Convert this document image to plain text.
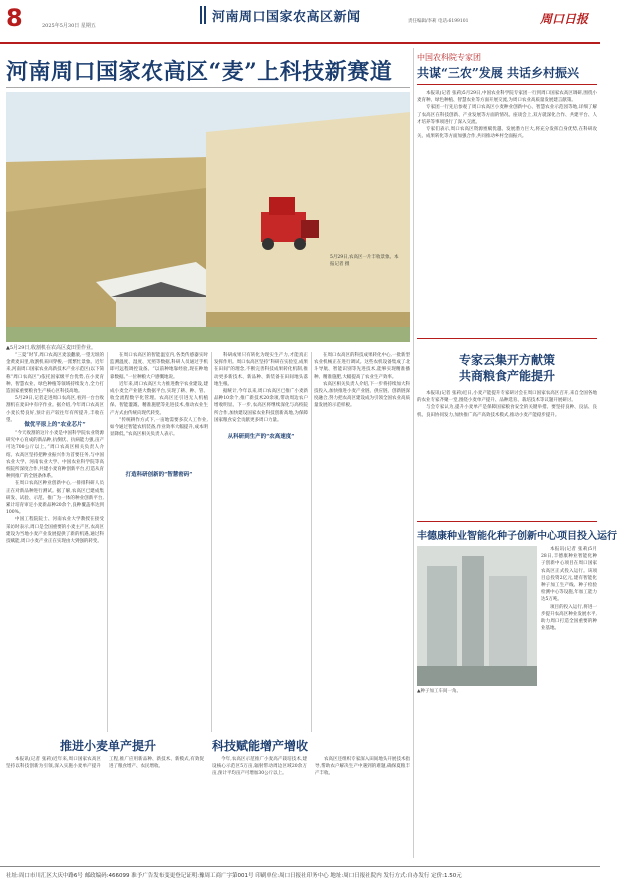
8	2025年5月30日 星期五
河南周口国家农高区新闻	责任编辑/李莉 电话:6199101	周口日报
河南周口国家农高区“麦”上科技新赛道
5月29日,农高区一片丰收景象。本报记者 摄
▲5月29日,收割机在农高区麦田里作业。

“三夏”时节,周口农高区麦浪翻滚,一望无垠的金黄麦田里,收割机来回穿梭,一派繁忙景象。近年来,河南周口国家农业高新技术产业示范区(以下简称“周口农高区”)依托国家级平台优势,在小麦育种、智慧农业、绿色种植等领域持续发力,全力打造国家重要粮食生产核心区科技高地。

5月29日,记者走进周口农高区,看到一台台收割机在麦田中有序作业。据介绍,今年周口农高区小麦长势良好,预计亩产较往年有所提升,丰收在望。

做优平原上的“农业芯片”

“今天收割的这片小麦是中国科学院农业资源研究中心育成的新品种,抗倒伏、抗病能力强,亩产可达700公斤以上。”周口农高区相关负责人介绍。农高区坚持把种业振兴作为首要任务,与中国农业大学、河南农业大学、中国农业科学院等高校院所深度合作,共建小麦育种创新平台,打造从育种到推广的全链条体系。

在周口农高区种业创新中心,一排排科研人员正在对新品种进行测试。据了解,农高区已建成集研发、试验、示范、推广为一体的种业创新平台,累计培育审定小麦新品种20余个,良种覆盖率达到100%。

中国工程院院士、河南农业大学教授在接受采访时表示,周口是全国重要的小麦主产区,农高区建设为当地小麦产业发展提供了新的机遇,通过科技赋能,周口小麦产业正在实现由大到强的转变。

在周口农高区的智能温室内,各类传感器实时监测温度、湿度、光照等数据,科研人员通过手机即可远程调控设备。“以前种地靠经验,现在种地靠数据。”一位种粮大户感慨地说。

近年来,周口农高区大力推进数字农业建设,建成小麦全产业链大数据平台,实现了耕、种、管、收全流程数字化管理。农高区还引进无人机植保、智能灌溉、精准施肥等先进技术,推动农业生产方式由传统向现代转变。

“传统耕作方式下,一亩地需要多次人工作业,如今通过智能农机装备,作业效率大幅提升,成本明显降低。”农高区相关负责人表示。

打造科研创新的“智慧密码”

科研成果只有转化为现实生产力,才能真正发挥作用。周口农高区坚持“科研在实验室,成果在田间”的理念,不断完善科技成果转化机制,推动更多新技术、新品种、新装备在田间地头落地生根。

据统计,今年以来,周口农高区已推广小麦新品种10余个,推广新技术20余项,带动周边农户增收明显。下一步,农高区将继续深化与高校院所合作,加快建设国家农业科技创新高地,为保障国家粮食安全贡献更多周口力量。

从科研到生产的“农高速度”

在周口农高区的科技成果转化中心,一批新型农业机械正在进行调试。这些农机设备集成了北斗导航、智能识别等先进技术,能够实现精准播种、精准施肥,大幅提高了农业生产效率。

农高区相关负责人介绍,下一步将持续加大科技投入,加快推进小麦产业链、供应链、创新链深度融合,努力把农高区建设成为引领全国农业高质量发展的示范样板。

中国农科院专家团
共谋“三农”发展 共话乡村振兴

本报讯(记者 张莉)5月29日,中国农业科学院专家团一行到周口国家农高区调研,围绕小麦育种、绿色种植、智慧农业等方面开展交流,为周口农业高质量发展建言献策。

专家团一行先后参观了周口农高区小麦种业创新中心、智慧农业示范园等地,详细了解了农高区在科技创新、产业发展等方面的情况。座谈会上,双方就深化合作、共建平台、人才培养等事项进行了深入交流。

专家们表示,周口农高区资源禀赋优越、发展潜力巨大,将充分发挥自身优势,在科研攻关、成果转化等方面加强合作,共同推动乡村全面振兴。

专家云集开方献策
共商粮食产能提升

本报讯(记者 张莉)近日,小麦产能提升专家研讨会在周口国家农高区召开,来自全国各地的农业专家齐聚一堂,围绕小麦单产提升、品种选育、栽培技术等议题开展研讨。

与会专家认为,提升小麦单产是保障国家粮食安全的关键举措。要坚持良种、良法、良机、良田协同发力,加快推广高产高效技术模式,推动小麦产能稳步提升。

丰德康种业智能化种子创新中心项目投入运行
▲种子加工车间一角。

本报讯(记者 张莉)5月28日,丰德康种业智能化种子创新中心项目在周口国家农高区正式投入运行。该项目总投资2亿元,建有智能化种子加工生产线、种子检验检测中心等设施,年加工能力达5万吨。

项目的投入运行,将进一步提升农高区种业发展水平,助力周口打造全国重要的种业基地。

推进小麦单产提升	科技赋能增产增收

本报讯(记者 张莉)近年来,周口国家农高区坚持以科技创新为引领,深入实施小麦单产提升工程,推广应用新品种、新技术、新模式,有效促进了粮食增产、农民增收。

今年,农高区示范推广小麦高产栽培技术,建设核心示范区5万亩,辐射带动周边区域20余万亩,预计平均亩产可增加30公斤以上。

农高区还组织专家深入田间地头开展技术指导,帮助农户解决生产中遇到的难题,确保夏粮丰产丰收。

社址:周口市川汇区大庆中路6号 邮政编码:466099 准予广告发布变更登记证明:豫周工商广字第001号 印刷单位:周口日报社印务中心 地址:周口日报社院内 发行方式:自办发行 定价:1.50元
